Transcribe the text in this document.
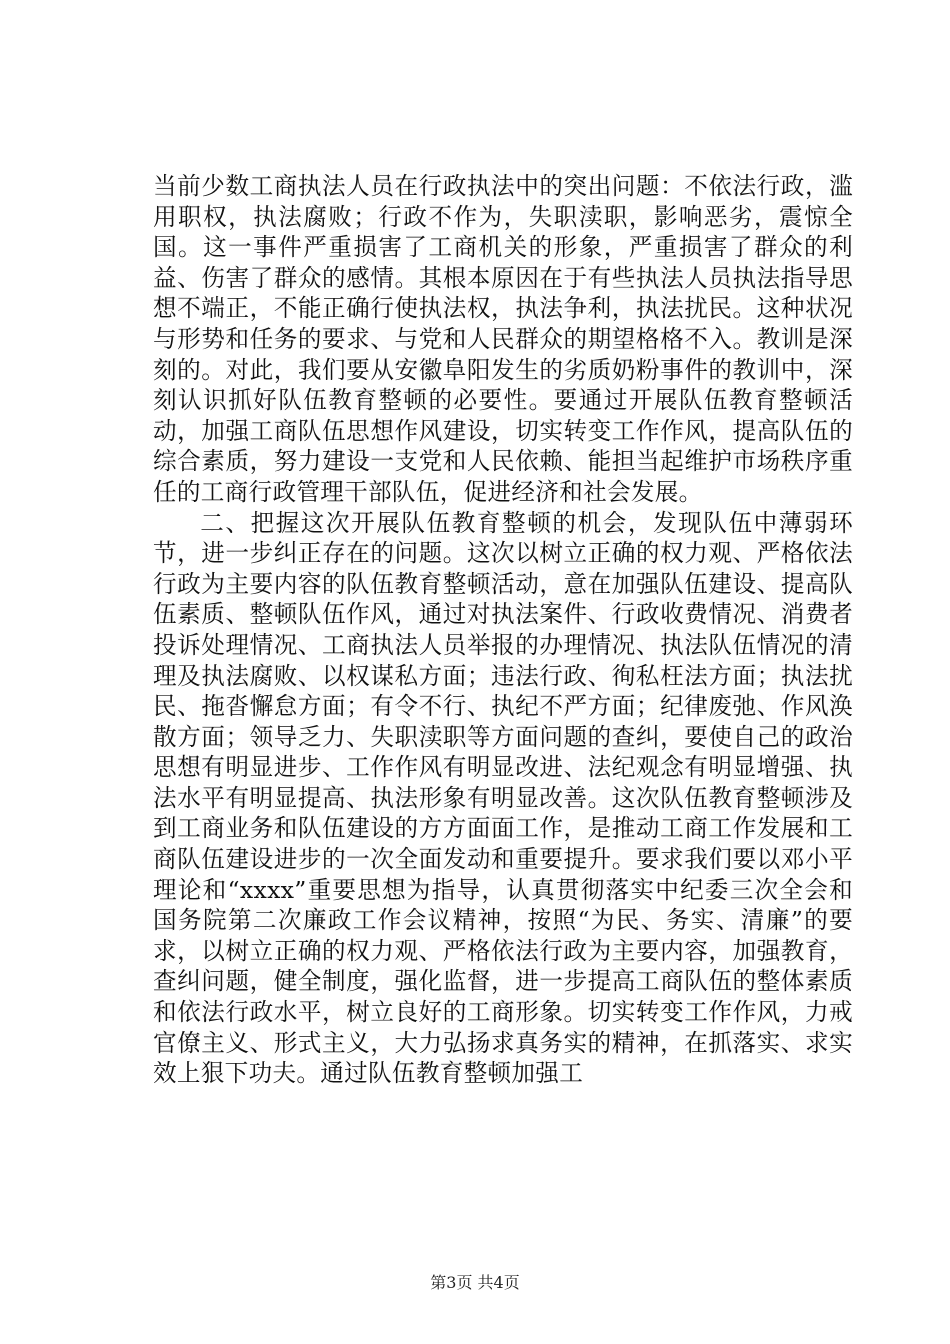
当前少数工商执法人员在行政执法中的突出问题：不依法行政，滥用职权，执法腐败；行政不作为，失职渎职，影响恶劣，震惊全国。这一事件严重损害了工商机关的形象，严重损害了群众的利益、伤害了群众的感情。其根本原因在于有些执法人员执法指导思想不端正，不能正确行使执法权，执法争利，执法扰民。这种状况与形势和任务的要求、与党和人民群众的期望格格不入。教训是深刻的。对此，我们要从安徽阜阳发生的劣质奶粉事件的教训中，深刻认识抓好队伍教育整顿的必要性。要通过开展队伍教育整顿活动，加强工商队伍思想作风建设，切实转变工作作风，提高队伍的综合素质，努力建设一支党和人民依赖、能担当起维护市场秩序重任的工商行政管理干部队伍，促进经济和社会发展。

二、把握这次开展队伍教育整顿的机会，发现队伍中薄弱环节，进一步纠正存在的问题。这次以树立正确的权力观、严格依法行政为主要内容的队伍教育整顿活动，意在加强队伍建设、提高队伍素质、整顿队伍作风，通过对执法案件、行政收费情况、消费者投诉处理情况、工商执法人员举报的办理情况、执法队伍情况的清理及执法腐败、以权谋私方面；违法行政、徇私枉法方面；执法扰民、拖沓懈怠方面；有令不行、执纪不严方面；纪律废弛、作风涣散方面；领导乏力、失职渎职等方面问题的查纠，要使自己的政治思想有明显进步、工作作风有明显改进、法纪观念有明显增强、执法水平有明显提高、执法形象有明显改善。这次队伍教育整顿涉及到工商业务和队伍建设的方方面面工作，是推动工商工作发展和工商队伍建设进步的一次全面发动和重要提升。要求我们要以邓小平理论和“xxxx”重要思想为指导，认真贯彻落实中纪委三次全会和国务院第二次廉政工作会议精神，按照“为民、务实、清廉”的要求，以树立正确的权力观、严格依法行政为主要内容，加强教育，查纠问题，健全制度，强化监督，进一步提高工商队伍的整体素质和依法行政水平，树立良好的工商形象。切实转变工作作风，力戒官僚主义、形式主义，大力弘扬求真务实的精神，在抓落实、求实效上狠下功夫。通过队伍教育整顿加强工

第3页 共4页
